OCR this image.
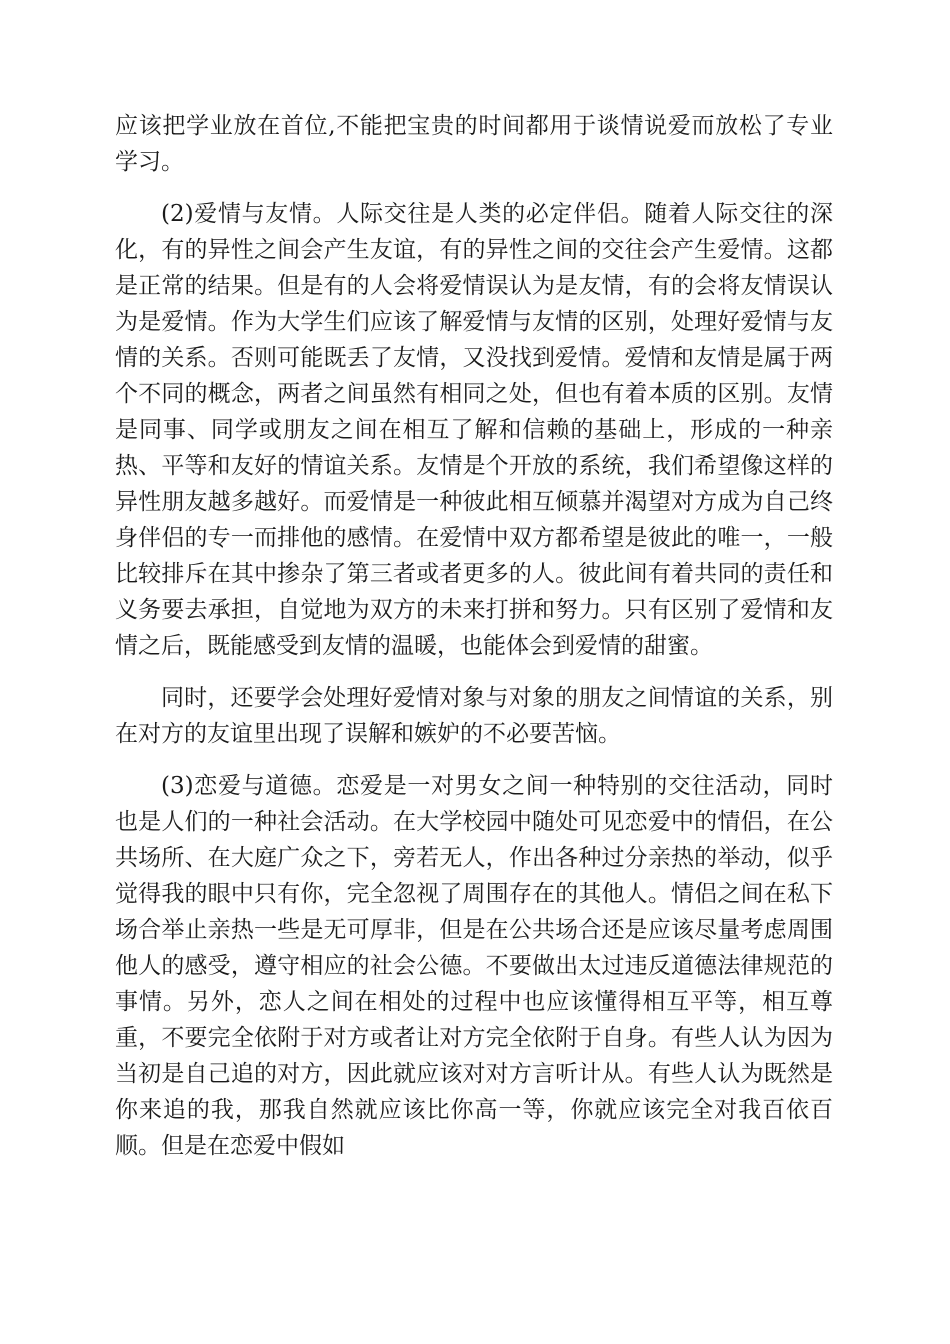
应该把学业放在首位,不能把宝贵的时间都用于谈情说爱而放松了专业学习。

(2)爱情与友情。人际交往是人类的必定伴侣。随着人际交往的深化，有的异性之间会产生友谊，有的异性之间的交往会产生爱情。这都是正常的结果。但是有的人会将爱情误认为是友情，有的会将友情误认为是爱情。作为大学生们应该了解爱情与友情的区别，处理好爱情与友情的关系。否则可能既丢了友情，又没找到爱情。爱情和友情是属于两个不同的概念，两者之间虽然有相同之处，但也有着本质的区别。友情是同事、同学或朋友之间在相互了解和信赖的基础上，形成的一种亲热、平等和友好的情谊关系。友情是个开放的系统，我们希望像这样的异性朋友越多越好。而爱情是一种彼此相互倾慕并渴望对方成为自己终身伴侣的专一而排他的感情。在爱情中双方都希望是彼此的唯一，一般比较排斥在其中掺杂了第三者或者更多的人。彼此间有着共同的责任和义务要去承担，自觉地为双方的未来打拼和努力。只有区别了爱情和友情之后，既能感受到友情的温暖，也能体会到爱情的甜蜜。

同时，还要学会处理好爱情对象与对象的朋友之间情谊的关系，别在对方的友谊里出现了误解和嫉妒的不必要苦恼。

(3)恋爱与道德。恋爱是一对男女之间一种特别的交往活动，同时也是人们的一种社会活动。在大学校园中随处可见恋爱中的情侣，在公共场所、在大庭广众之下，旁若无人，作出各种过分亲热的举动，似乎觉得我的眼中只有你，完全忽视了周围存在的其他人。情侣之间在私下场合举止亲热一些是无可厚非，但是在公共场合还是应该尽量考虑周围他人的感受，遵守相应的社会公德。不要做出太过违反道德法律规范的事情。另外，恋人之间在相处的过程中也应该懂得相互平等，相互尊重，不要完全依附于对方或者让对方完全依附于自身。有些人认为因为当初是自己追的对方，因此就应该对对方言听计从。有些人认为既然是你来追的我，那我自然就应该比你高一等，你就应该完全对我百依百顺。但是在恋爱中假如
